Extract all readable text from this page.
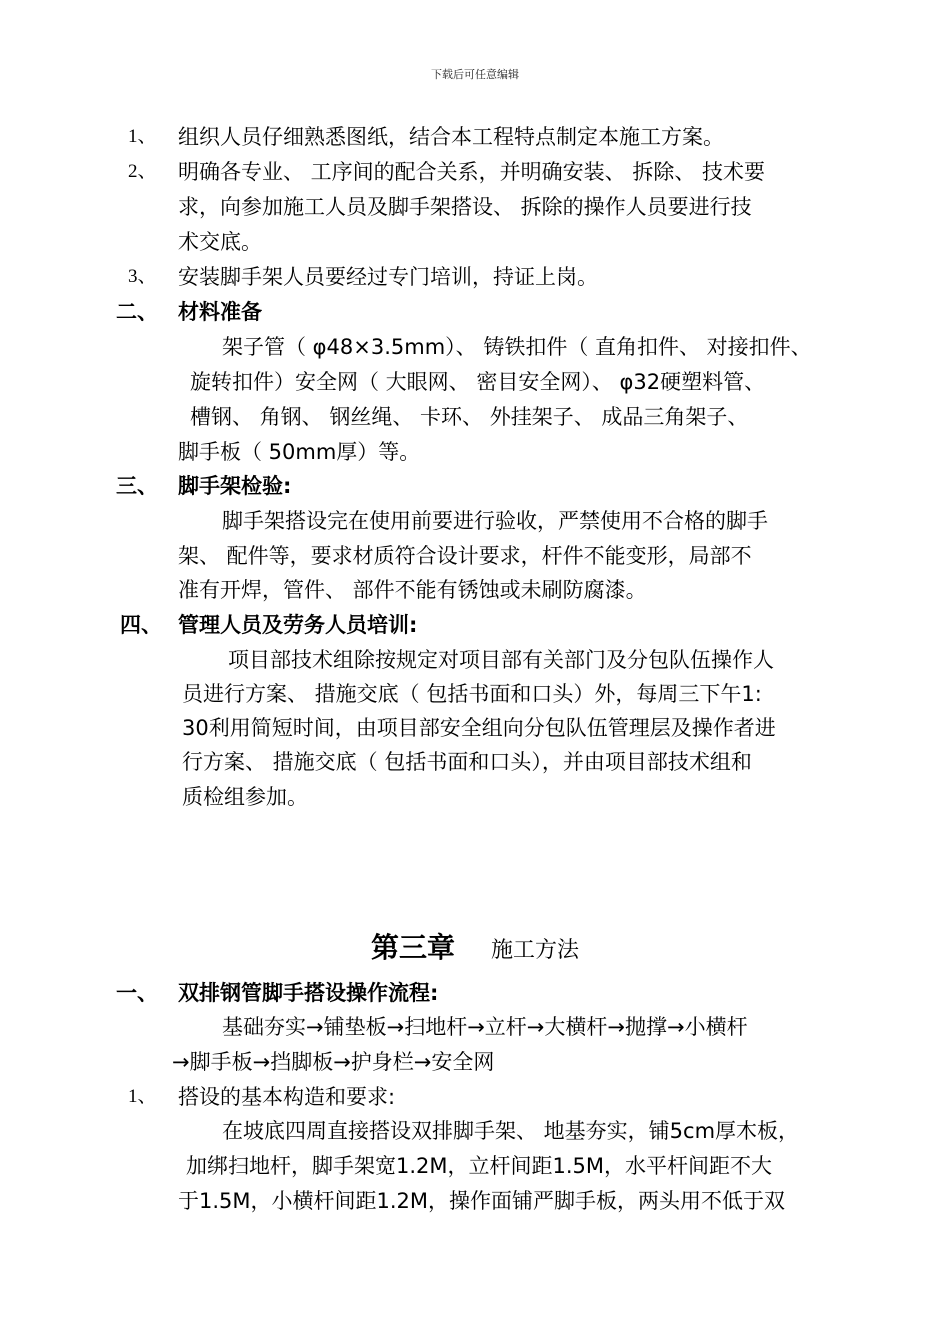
下载后可任意编辑
1、 组织人员仔细熟悉图纸，结合本工程特点制定本施工方案。
2、 明确各专业、 工序间的配合关系，并明确安装、 拆除、 技术要
求，向参加施工人员及脚手架搭设、 拆除的操作人员要进行技
术交底。
3、 安装脚手架人员要经过专门培训，持证上岗。
二、 材料准备
架子管（ φ48×3.5mm）、 铸铁扣件（ 直角扣件、 对接扣件、
旋转扣件）安全网（ 大眼网、 密目安全网）、 φ32硬塑料管、
槽钢、 角钢、 钢丝绳、 卡环、 外挂架子、 成品三角架子、
脚手板（ 50mm厚）等。
三、 脚手架检验:
脚手架搭设完在使用前要进行验收，严禁使用不合格的脚手
架、 配件等，要求材质符合设计要求，杆件不能变形，局部不
准有开焊，管件、 部件不能有锈蚀或未刷防腐漆。
四、 管理人员及劳务人员培训:
项目部技术组除按规定对项目部有关部门及分包队伍操作人
员进行方案、 措施交底（ 包括书面和口头）外，每周三下午1:
30利用简短时间，由项目部安全组向分包队伍管理层及操作者进
行方案、 措施交底（ 包括书面和口头），并由项目部技术组和
质检组参加。
第三章 施工方法
一、 双排钢管脚手搭设操作流程:
基础夯实→铺垫板→扫地杆→立杆→大横杆→抛撑→小横杆
→脚手板→挡脚板→护身栏→安全网
1、 搭设的基本构造和要求:
在坡底四周直接搭设双排脚手架、 地基夯实，铺5cm厚木板，
加绑扫地杆，脚手架宽1.2M，立杆间距1.5M，水平杆间距不大
于1.5M，小横杆间距1.2M，操作面铺严脚手板，两头用不低于双
